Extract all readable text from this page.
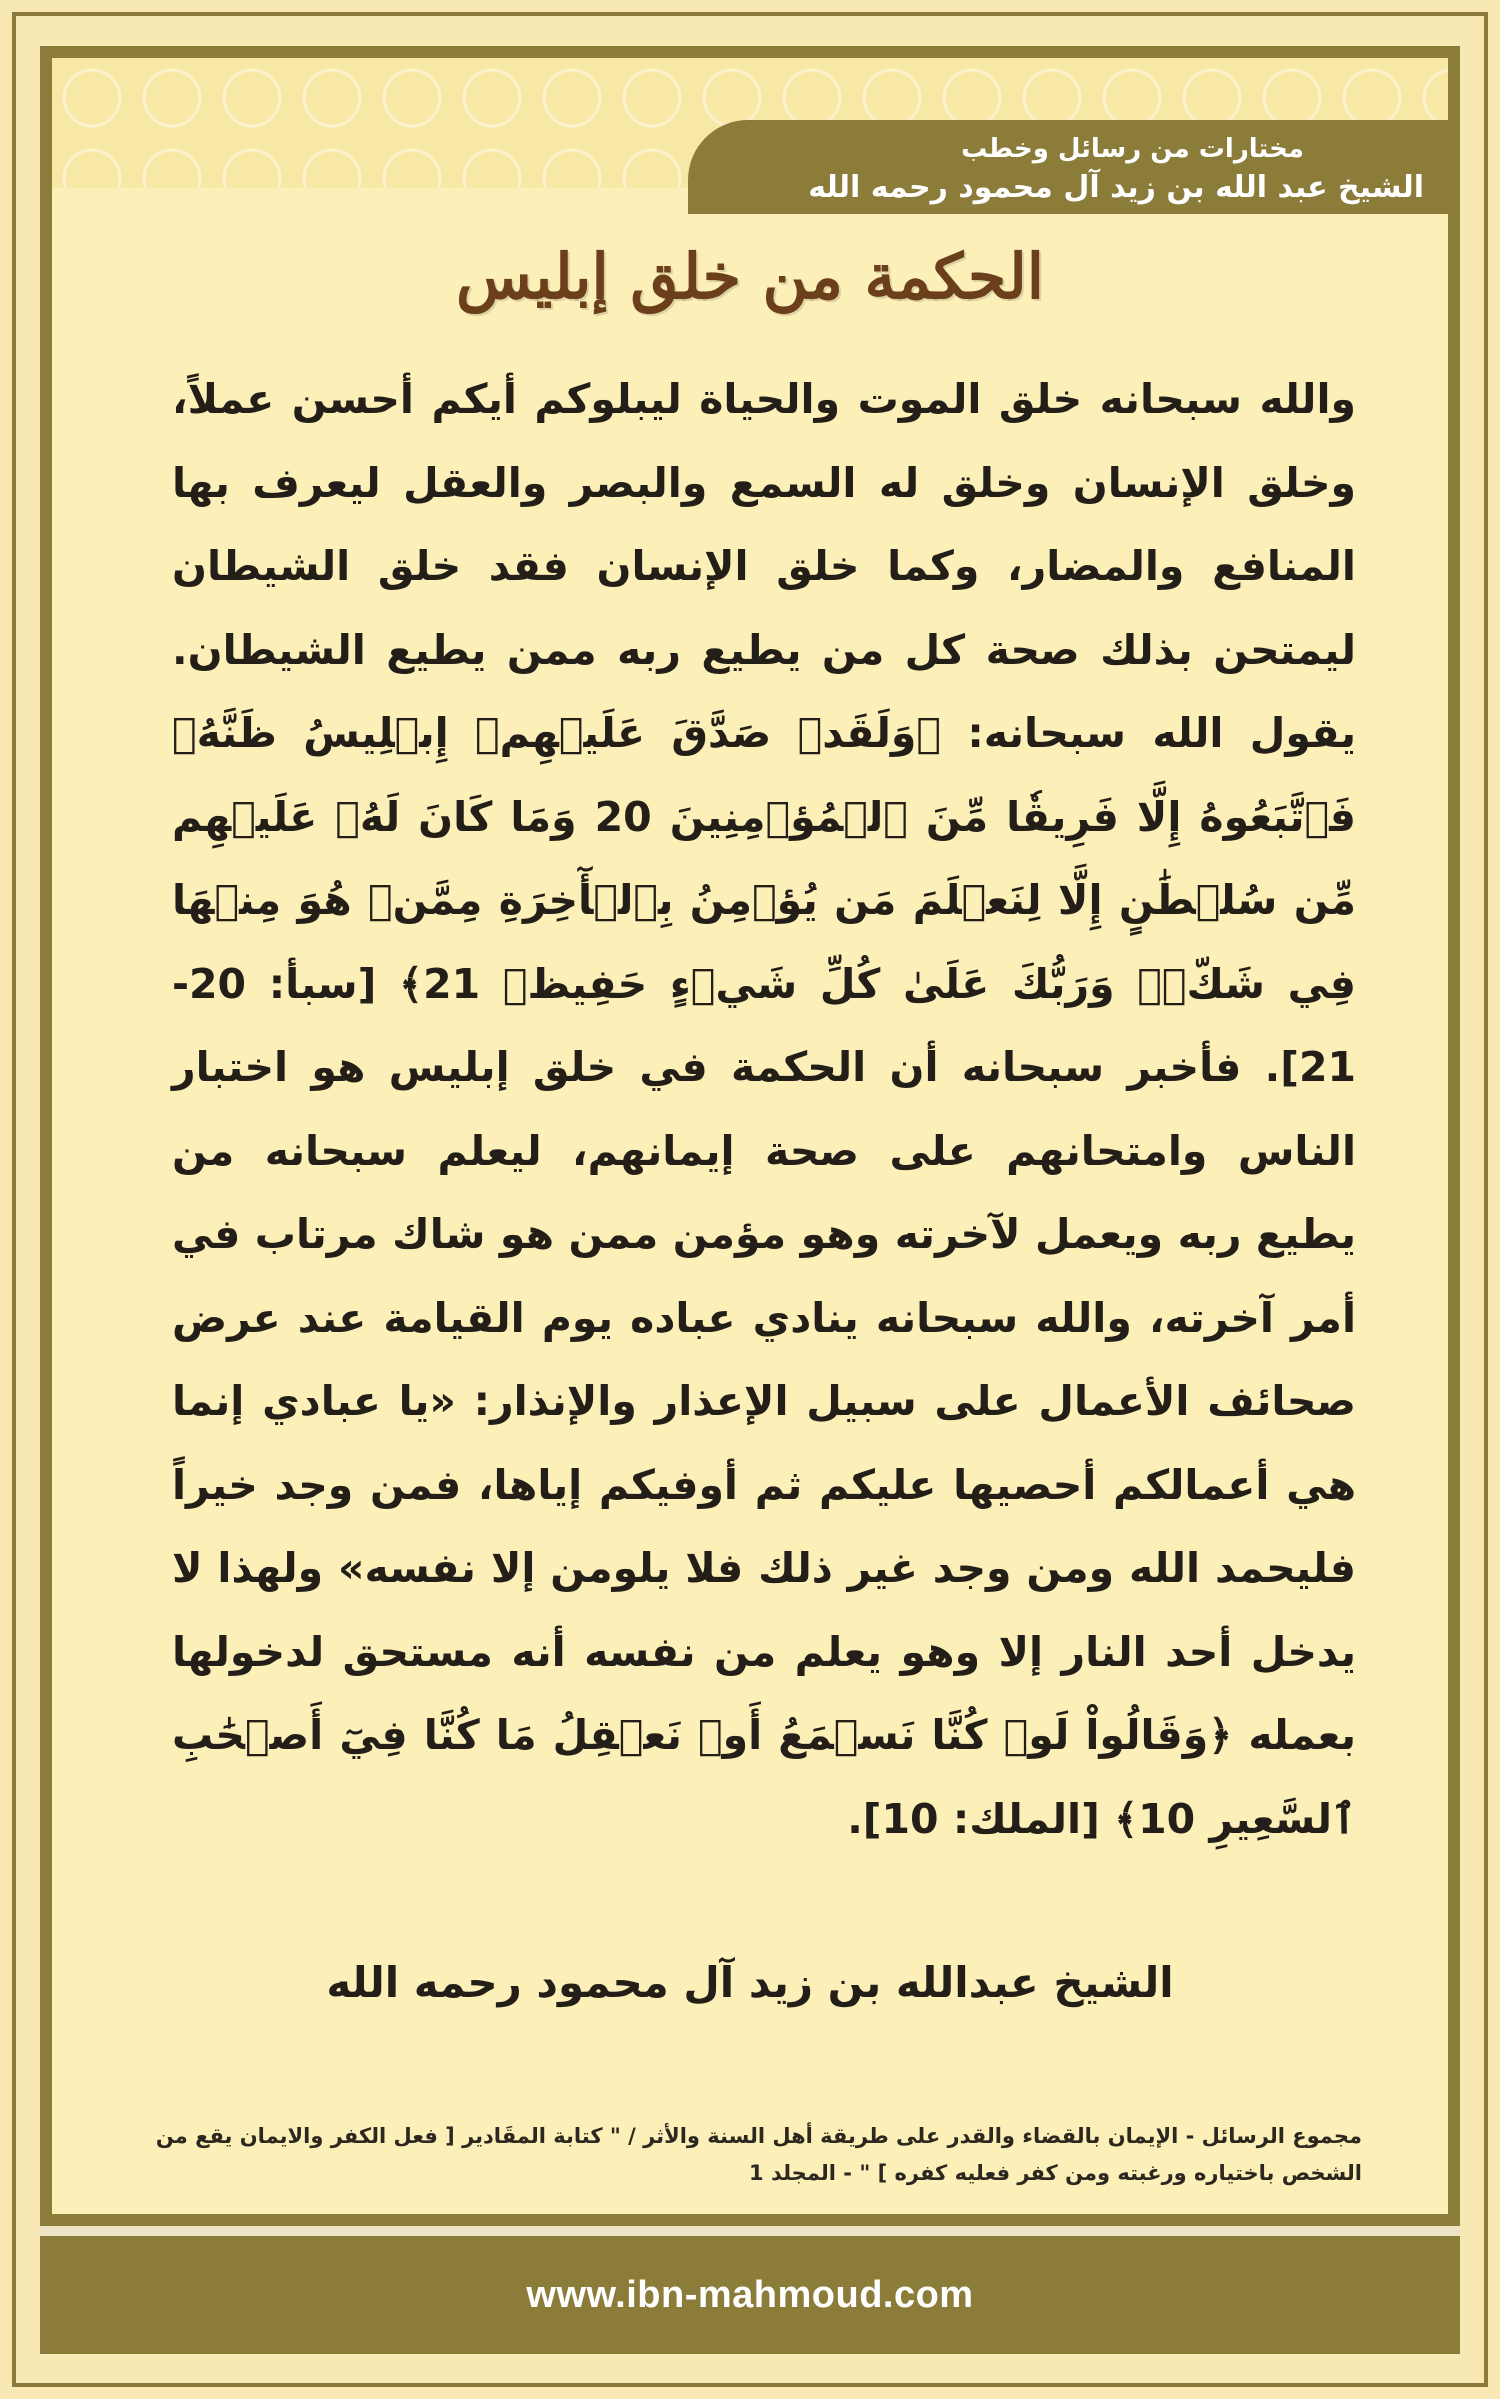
مختارات من رسائل وخطب
الشيخ عبد الله بن زيد آل محمود رحمه الله
الحكمة من خلق إبليس
والله سبحانه خلق الموت والحياة ليبلوكم أيكم أحسن عملاً، وخلق الإنسان وخلق له السمع والبصر والعقل ليعرف بها المنافع والمضار، وكما خلق الإنسان فقد خلق الشيطان ليمتحن بذلك صحة كل من يطيع ربه ممن يطيع الشيطان. يقول الله سبحانه: ﴿وَلَقَدۡ صَدَّقَ عَلَيۡهِمۡ إِبۡلِيسُ ظَنَّهُۥ فَٱتَّبَعُوهُ إِلَّا فَرِيقٗا مِّنَ ٱلۡمُؤۡمِنِينَ 20 وَمَا كَانَ لَهُۥ عَلَيۡهِم مِّن سُلۡطَٰنٍ إِلَّا لِنَعۡلَمَ مَن يُؤۡمِنُ بِٱلۡأٓخِرَةِ مِمَّنۡ هُوَ مِنۡهَا فِي شَكّٖۗ وَرَبُّكَ عَلَىٰ كُلِّ شَيۡءٍ حَفِيظٞ 21﴾ [سبأ: 20-21]. فأخبر سبحانه أن الحكمة في خلق إبليس هو اختبار الناس وامتحانهم على صحة إيمانهم، ليعلم سبحانه من يطيع ربه ويعمل لآخرته وهو مؤمن ممن هو شاك مرتاب في أمر آخرته، والله سبحانه ينادي عباده يوم القيامة عند عرض صحائف الأعمال على سبيل الإعذار والإنذار: «يا عبادي إنما هي أعمالكم أحصيها عليكم ثم أوفيكم إياها، فمن وجد خيراً فليحمد الله ومن وجد غير ذلك فلا يلومن إلا نفسه» ولهذا لا يدخل أحد النار إلا وهو يعلم من نفسه أنه مستحق لدخولها بعمله ﴿وَقَالُواْ لَوۡ كُنَّا نَسۡمَعُ أَوۡ نَعۡقِلُ مَا كُنَّا فِيٓ أَصۡحَٰبِ ٱلسَّعِيرِ 10﴾ [الملك: 10].
الشيخ عبدالله بن زيد آل محمود رحمه الله
مجموع الرسائل - الإيمان بالقضاء والقدر على طريقة أهل السنة والأثر / " كتابة المقَادير [ فعل الكفر والايمان يقع من الشخص باختياره ورغبته ومن كفر فعليه كفره ] " - المجلد 1
www.ibn-mahmoud.com
